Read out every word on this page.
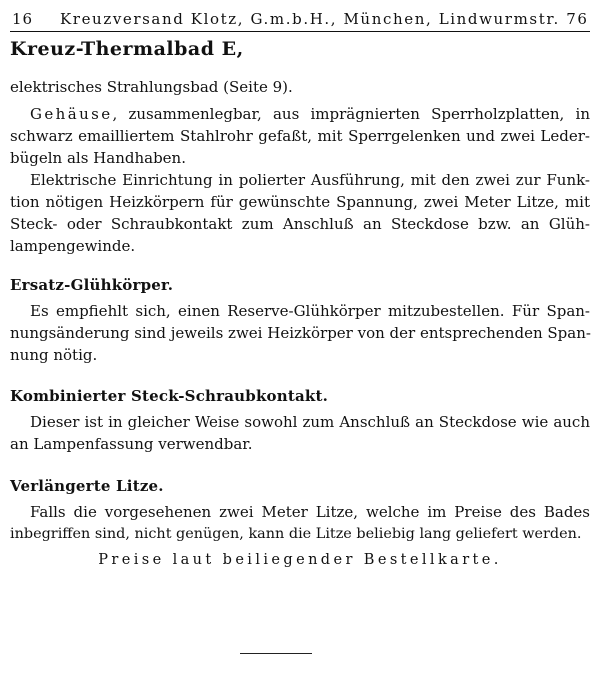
16 Kreuzversand Klotz, G.m.b.H., München, Lindwurmstr. 76
Kreuz-Thermalbad E,
elektrisches Strahlungsbad (Seite 9).
Gehäuse, zusammenlegbar, aus imprägnierten Sperrholzplatten, in
schwarz emailliertem Stahlrohr gefaßt, mit Sperrgelenken und zwei Leder-
bügeln als Handhaben.
Elektrische Einrichtung in polierter Ausführung, mit den zwei zur Funk-
tion nötigen Heizkörpern für gewünschte Spannung, zwei Meter Litze, mit
Steck- oder Schraubkontakt zum Anschluß an Steckdose bzw. an Glüh-
lampengewinde.
Ersatz-Glühkörper.
Es empfiehlt sich, einen Reserve-Glühkörper mitzubestellen. Für Span-
nungsänderung sind jeweils zwei Heizkörper von der entsprechenden Span-
nung nötig.
Kombinierter Steck-Schraubkontakt.
Dieser ist in gleicher Weise sowohl zum Anschluß an Steckdose wie auch
an Lampenfassung verwendbar.
Verlängerte Litze.
Falls die vorgesehenen zwei Meter Litze, welche im Preise des Bades
inbegriffen sind, nicht genügen, kann die Litze beliebig lang geliefert werden.
Preise laut beiliegender Bestellkarte.
